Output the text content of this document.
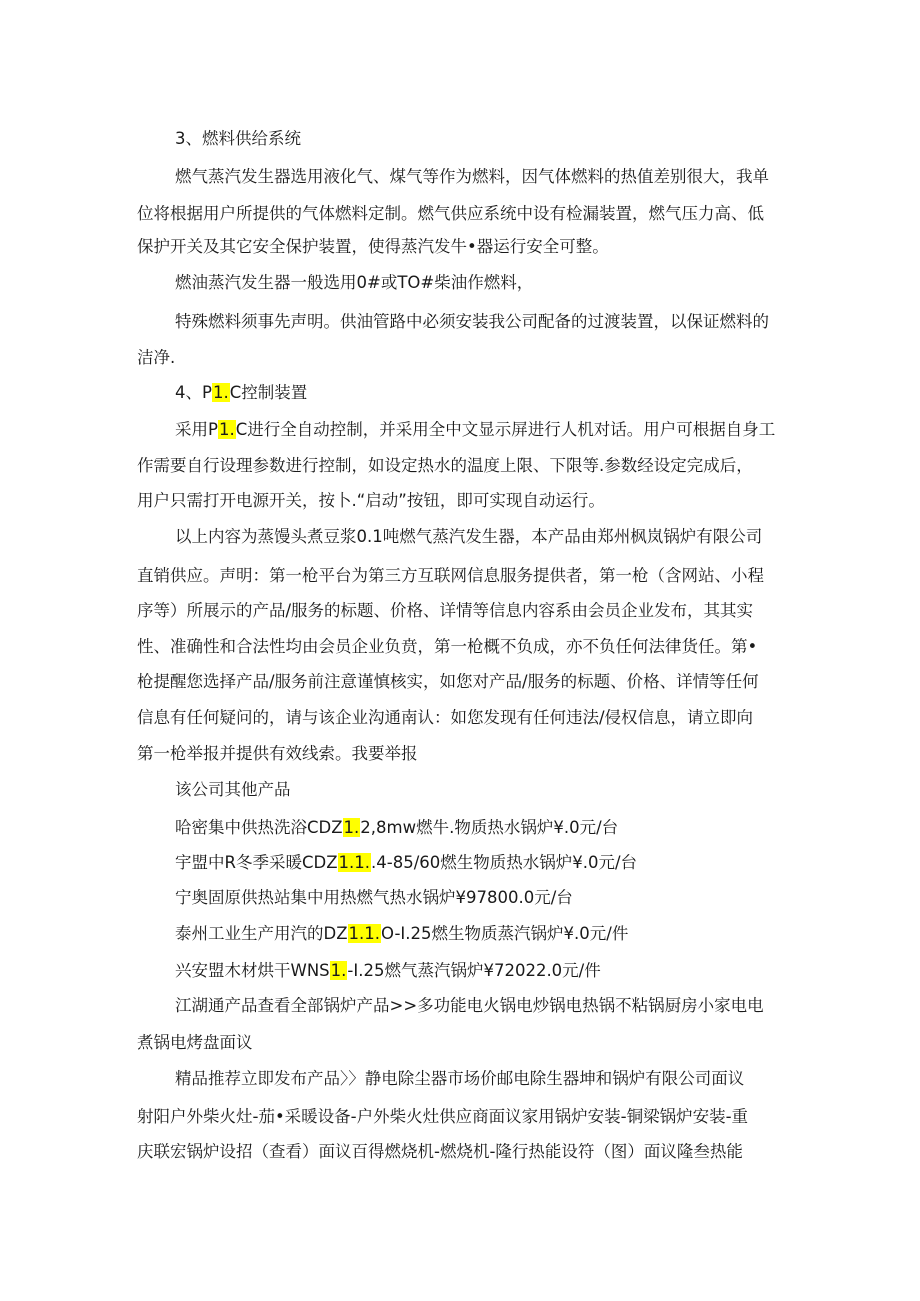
3、燃料供给系统
燃气蒸汽发生器选用液化气、煤气等作为燃料，因气体燃料的热值差别很大，我单
位将根据用户所提供的气体燃料定制。燃气供应系统中设有检漏装置，燃气压力高、低
保护开关及其它安全保护装置，使得蒸汽发牛•器运行安全可整。
燃油蒸汽发生器一般选用0#或TO#柴油作燃料，
特殊燃料须事先声明。供油管路中必须安装我公司配备的过渡装置，以保证燃料的
洁净.
4、P1.C控制装置
采用P1.C进行全自动控制，并采用全中文显示屏进行人机对话。用户可根据自身工
作需要自行设理参数进行控制，如设定热水的温度上限、下限等.参数经设定完成后，
用户只需打开电源开关，按卜.“启动”按钮，即可实现自动运行。
以上内容为蒸馒头煮豆浆0.1吨燃气蒸汽发生器，本产品由郑州枫岚锅炉有限公司
直销供应。声明：第一枪平台为第三方互联网信息服务提供者，第一枪（含网站、小程
序等）所展示的产品/服务的标题、价格、详情等信息内容系由会员企业发布，其其实
性、准确性和合法性均由会员企业负贲，第一枪概不负成，亦不负任何法律货任。第•
枪提醒您选择产品/服务前注意谨慎核实，如您对产品/服务的标题、价格、详情等任何
信息有任何疑问的，请与该企业沟通南认：如您发现有任何违法/侵权信息，请立即向
第一枪举报并提供有效线索。我要举报
该公司其他产品
哈密集中供热洗浴CDZ1.2,8mw燃牛.物质热水锅炉¥.0元/台
宇盟中R冬季采暖CDZ1.1..4-85/60燃生物质热水锅炉¥.0元/台
宁奥固原供热站集中用热燃气热水锅炉¥97800.0元/台
泰州工业生产用汽的DZ1.1.O-I.25燃生物质蒸汽锅炉¥.0元/件
兴安盟木材烘干WNS1.-I.25燃气蒸汽锅炉¥72022.0元/件
江湖通产品查看全部锅炉产品>>多功能电火锅电炒锅电热锅不粘锅厨房小家电电
煮锅电烤盘面议
精品推荐立即发布产品〉〉静电除尘器市场价邮电除生器坤和锅炉有限公司面议
射阳户外柴火灶-茄•采暖设备-户外柴火灶供应商面议家用锅炉安装-铜梁锅炉安装-重
庆联宏锅炉设招（查看）面议百得燃烧机-燃烧机-隆行热能设符（图）面议隆叁热能
